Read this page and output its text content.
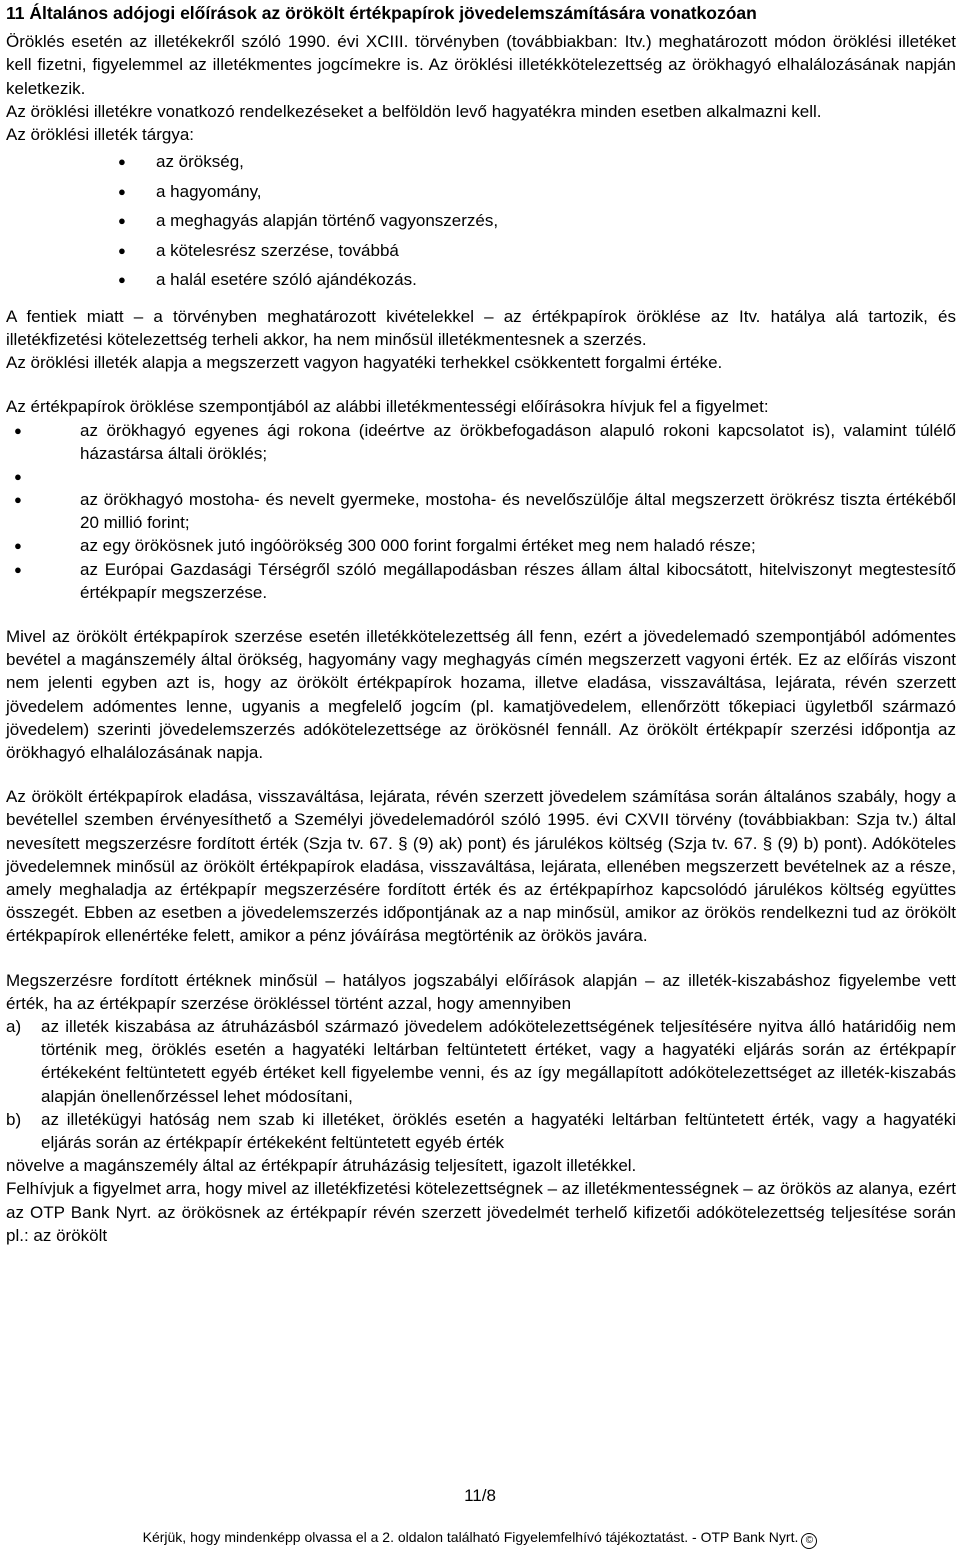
11 Általános adójogi előírások az örökölt értékpapírok jövedelemszámítására vonatkozóan

Öröklés esetén az illetékekről szóló 1990. évi XCIII. törvényben (továbbiakban: Itv.) meghatározott módon öröklési illetéket kell fizetni, figyelemmel az illetékmentes jogcímekre is. Az öröklési illetékkötelezettség az örökhagyó elhalálozásának napján keletkezik.

Az öröklési illetékre vonatkozó rendelkezéseket a belföldön levő hagyatékra minden esetben alkalmazni kell.

Az öröklési illeték tárgya:

● az örökség,
● a hagyomány,
● a meghagyás alapján történő vagyonszerzés,
● a kötelesrész szerzése, továbbá
● a halál esetére szóló ajándékozás.

A fentiek miatt – a törvényben meghatározott kivételekkel – az értékpapírok öröklése az Itv. hatálya alá tartozik, és illetékfizetési kötelezettség terheli akkor, ha nem minősül illetékmentesnek a szerzés.

Az öröklési illeték alapja a megszerzett vagyon hagyatéki terhekkel csökkentett forgalmi értéke.

Az értékpapírok öröklése szempontjából az alábbi illetékmentességi előírásokra hívjuk fel a figyelmet:

●	az örökhagyó egyenes ági rokona (ideértve az örökbefogadáson alapuló rokoni kapcsolatot is), valamint túlélő házastársa általi öröklés;
●
●	az örökhagyó mostoha- és nevelt gyermeke, mostoha- és nevelőszülője által megszerzett örökrész tiszta értékéből 20 millió forint;
●	az egy örökösnek jutó ingóörökség 300 000 forint forgalmi értéket meg nem haladó része;
●	az Európai Gazdasági Térségről szóló megállapodásban részes állam által kibocsátott, hitelviszonyt megtestesítő értékpapír megszerzése.

Mivel az örökölt értékpapírok szerzése esetén illetékkötelezettség áll fenn, ezért a jövedelemadó szempontjából adómentes bevétel a magánszemély által örökség, hagyomány vagy meghagyás címén megszerzett vagyoni érték. Ez az előírás viszont nem jelenti egyben azt is, hogy az örökölt értékpapírok hozama, illetve eladása, visszaváltása, lejárata, révén szerzett jövedelem adómentes lenne, ugyanis a megfelelő jogcím (pl. kamatjövedelem, ellenőrzött tőkepiaci ügyletből származó jövedelem) szerinti jövedelemszerzés adókötelezettsége az örökösnél fennáll. Az örökölt értékpapír szerzési időpontja az örökhagyó elhalálozásának napja.

Az örökölt értékpapírok eladása, visszaváltása, lejárata, révén szerzett jövedelem számítása során általános szabály, hogy a bevétellel szemben érvényesíthető a Személyi jövedelemadóról szóló 1995. évi CXVII törvény (továbbiakban: Szja tv.) által nevesített megszerzésre fordított érték (Szja tv. 67. § (9) ak) pont) és járulékos költség (Szja tv. 67. § (9) b) pont). Adóköteles jövedelemnek minősül az örökölt értékpapírok eladása, visszaváltása, lejárata, ellenében megszerzett bevételnek az a része, amely meghaladja az értékpapír megszerzésére fordított érték és az értékpapírhoz kapcsolódó járulékos költség együttes összegét. Ebben az esetben a jövedelemszerzés időpontjának az a nap minősül, amikor az örökös rendelkezni tud az örökölt értékpapírok ellenértéke felett, amikor a pénz jóváírása megtörténik az örökös javára.

Megszerzésre fordított értéknek minősül – hatályos jogszabályi előírások alapján – az illeték-kiszabáshoz figyelembe vett érték, ha az értékpapír szerzése örökléssel történt azzal, hogy amennyiben

a) az illeték kiszabása az átruházásból származó jövedelem adókötelezettségének teljesítésére nyitva álló határidőig nem történik meg, öröklés esetén a hagyatéki leltárban feltüntetett értéket, vagy a hagyatéki eljárás során az értékpapír értékeként feltüntetett egyéb értéket kell figyelembe venni, és az így megállapított adókötelezettséget az illeték-kiszabás alapján önellenőrzéssel lehet módosítani,
b) az illetékügyi hatóság nem szab ki illetéket, öröklés esetén a hagyatéki leltárban feltüntetett érték, vagy a hagyatéki eljárás során az értékpapír értékeként feltüntetett egyéb érték

növelve a magánszemély által az értékpapír átruházásig teljesített, igazolt illetékkel.

Felhívjuk a figyelmet arra, hogy mivel az illetékfizetési kötelezettségnek – az illetékmentességnek – az örökös az alanya, ezért az OTP Bank Nyrt. az örökösnek az értékpapír révén szerzett jövedelmét terhelő kifizetői adókötelezettség teljesítése során pl.: az örökölt

11/8
Kérjük, hogy mindenképp olvassa el a 2. oldalon található Figyelemfelhívó tájékoztatást. - OTP Bank Nyrt. ©
